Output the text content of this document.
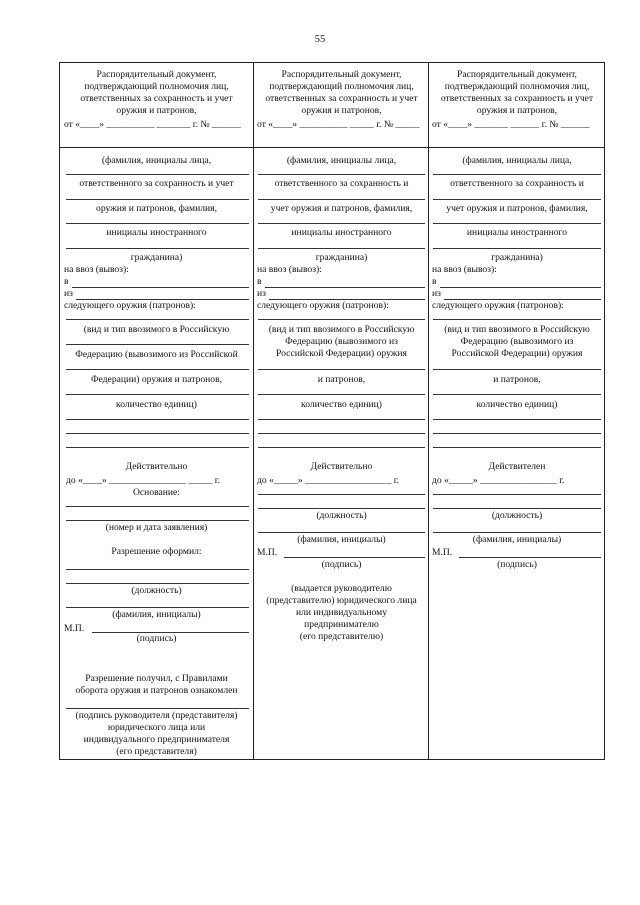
55
Распорядительный документ,
подтверждающий полномочия лиц,
ответственных за сохранность и учет
оружия и патронов,
от «____» __________ _______ г. № ______
(фамилия, инициалы лица,
ответственного за сохранность и учет
оружия и патронов, фамилия,
инициалы иностранного
гражданина)
на ввоз (вывоз):
в
из
следующего оружия (патронов):
(вид и тип ввозимого в Российскую
Федерацию (вывозимого из Российской
Федерации) оружия и патронов,
количество единиц)
Действительно
до «____» ________________ _____ г.
Основание:
(номер и дата заявления)
Разрешение оформил:
(должность)
(фамилия, инициалы)
М.П.
(подпись)
Разрешение получил, с Правилами
оборота оружия и патронов ознакомлен
(подпись руководителя (представителя)
юридического лица или
индивидуального предпринимателя
(его представителя)
Распорядительный документ,
подтверждающий полномочия лиц,
ответственных за сохранность и учет
оружия и патронов,
от «____» __________ _____ г. № _____
(фамилия, инициалы лица,
ответственного за сохранность и
учет оружия и патронов, фамилия,
инициалы иностранного
гражданина)
на ввоз (вывоз):
в
из
следующего оружия (патронов):
(вид и тип ввозимого в Российскую
Федерацию (вывозимого из
Российской Федерации) оружия
и патронов,
количество единиц)
Действительно
до «_____» __________________ г.
(должность)
(фамилия, инициалы)
М.П.
(подпись)
(выдается руководителю
(представителю) юридического лица
или индивидуальному
предпринимателю
(его представителю)
Распорядительный документ,
подтверждающий полномочия лиц,
ответственных за сохранность и учет
оружия и патронов,
от «____» _______ ______ г. № ______
(фамилия, инициалы лица,
ответственного за сохранность и
учет оружия и патронов, фамилия,
инициалы иностранного
гражданина)
на ввоз (вывоз):
в
из
следующего оружия (патронов):
(вид и тип ввозимого в Российскую
Федерацию (вывозимого из
Российской Федерации) оружия
и патронов,
количество единиц)
Действителен
до «_____» ________________ г.
(должность)
(фамилия, инициалы)
М.П.
(подпись)
